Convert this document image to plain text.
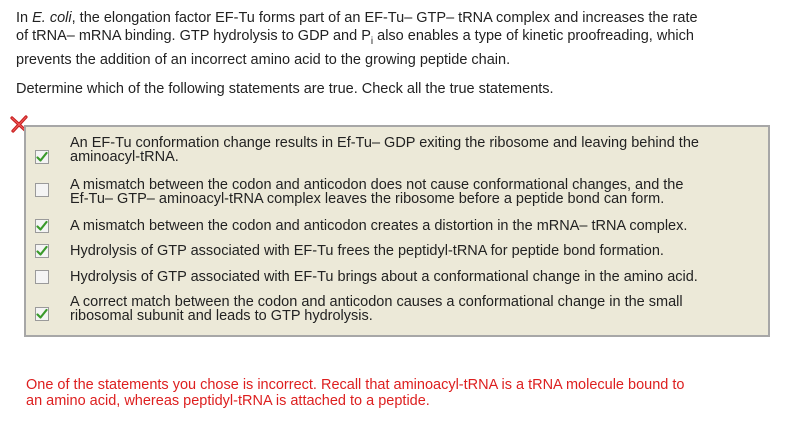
In E. coli, the elongation factor EF-Tu forms part of an EF-Tu– GTP– tRNA complex and increases the rate
of tRNA– mRNA binding. GTP hydrolysis to GDP and $P_i$ also enables a type of kinetic proofreading, which
prevents the addition of an incorrect amino acid to the growing peptide chain.

Determine which of the following statements are true. Check all the true statements.

An EF-Tu conformation change results in Ef-Tu– GDP exiting the ribosome and leaving behind the
aminoacyl-tRNA.
A mismatch between the codon and anticodon does not cause conformational changes, and the
Ef-Tu– GTP– aminoacyl-tRNA complex leaves the ribosome before a peptide bond can form.
A mismatch between the codon and anticodon creates a distortion in the mRNA– tRNA complex.
Hydrolysis of GTP associated with EF-Tu frees the peptidyl-tRNA for peptide bond formation.
Hydrolysis of GTP associated with EF-Tu brings about a conformational change in the amino acid.
A correct match between the codon and anticodon causes a conformational change in the small
ribosomal subunit and leads to GTP hydrolysis.

One of the statements you chose is incorrect. Recall that aminoacyl-tRNA is a tRNA molecule bound to
an amino acid, whereas peptidyl-tRNA is attached to a peptide.
